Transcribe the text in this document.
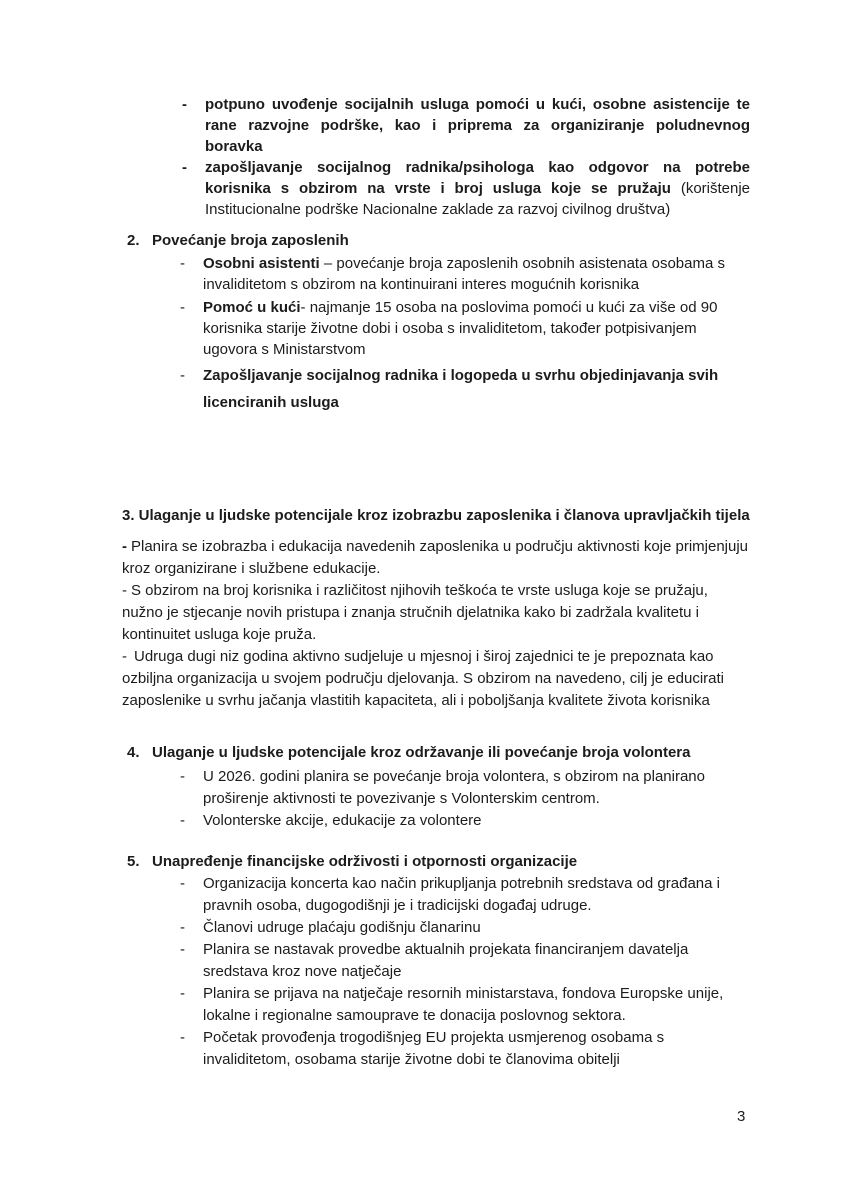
- potpuno uvođenje socijalnih usluga pomoći u kući, osobne asistencije te rane razvojne podrške, kao i priprema za organiziranje poludnevnog boravka
- zapošljavanje socijalnog radnika/psihologa kao odgovor na potrebe korisnika s obzirom na vrste i broj usluga koje se pružaju (korištenje Institucionalne podrške Nacionalne zaklade za razvoj civilnog društva)
2. Povećanje broja zaposlenih
- Osobni asistenti – povećanje broja zaposlenih osobnih asistenata osobama s invaliditetom s obzirom na kontinuirani interes mogućnih korisnika
- Pomoć u kući- najmanje 15 osoba na poslovima pomoći u kući za više od 90 korisnika starije životne dobi i osoba s invaliditetom, također potpisivanjem ugovora s Ministarstvom
- Zapošljavanje socijalnog radnika i logopeda u svrhu objedinjavanja svih licenciranih usluga
3. Ulaganje u ljudske potencijale kroz izobrazbu zaposlenika i članova upravljačkih tijela
- Planira se izobrazba i edukacija navedenih zaposlenika u području aktivnosti koje primjenjuju kroz organizirane i službene edukacije.
- S obzirom na broj korisnika i različitost njihovih teškoća te vrste usluga koje se pružaju, nužno je stjecanje novih pristupa i znanja stručnih djelatnika kako bi zadržala kvalitetu i kontinuitet usluga koje pruža.
- Udruga dugi niz godina aktivno sudjeluje u mjesnoj i široj zajednici te je prepoznata kao ozbiljna organizacija u svojem području djelovanja. S obzirom na navedeno, cilj je educirati zaposlenike u svrhu jačanja vlastitih kapaciteta, ali i poboljšanja kvalitete života korisnika
4. Ulaganje u ljudske potencijale kroz održavanje ili povećanje broja volontera
- U 2026. godini planira se povećanje broja volontera, s obzirom na planirano proširenje aktivnosti te povezivanje s Volonterskim centrom.
- Volonterske akcije, edukacije za volontere
5. Unapređenje financijske održivosti i otpornosti organizacije
- Organizacija koncerta kao način prikupljanja potrebnih sredstava od građana i pravnih osoba, dugogodišnji je i tradicijski događaj udruge.
- Članovi udruge plaćaju godišnju članarinu
- Planira se nastavak provedbe aktualnih projekata financiranjem davatelja sredstava kroz nove natječaje
- Planira se prijava na natječaje resornih ministarstava, fondova Europske unije, lokalne i regionalne samouprave te donacija poslovnog sektora.
- Početak provođenja trogodišnjeg EU projekta usmjerenog osobama s invaliditetom, osobama starije životne dobi te članovima obitelji
3
